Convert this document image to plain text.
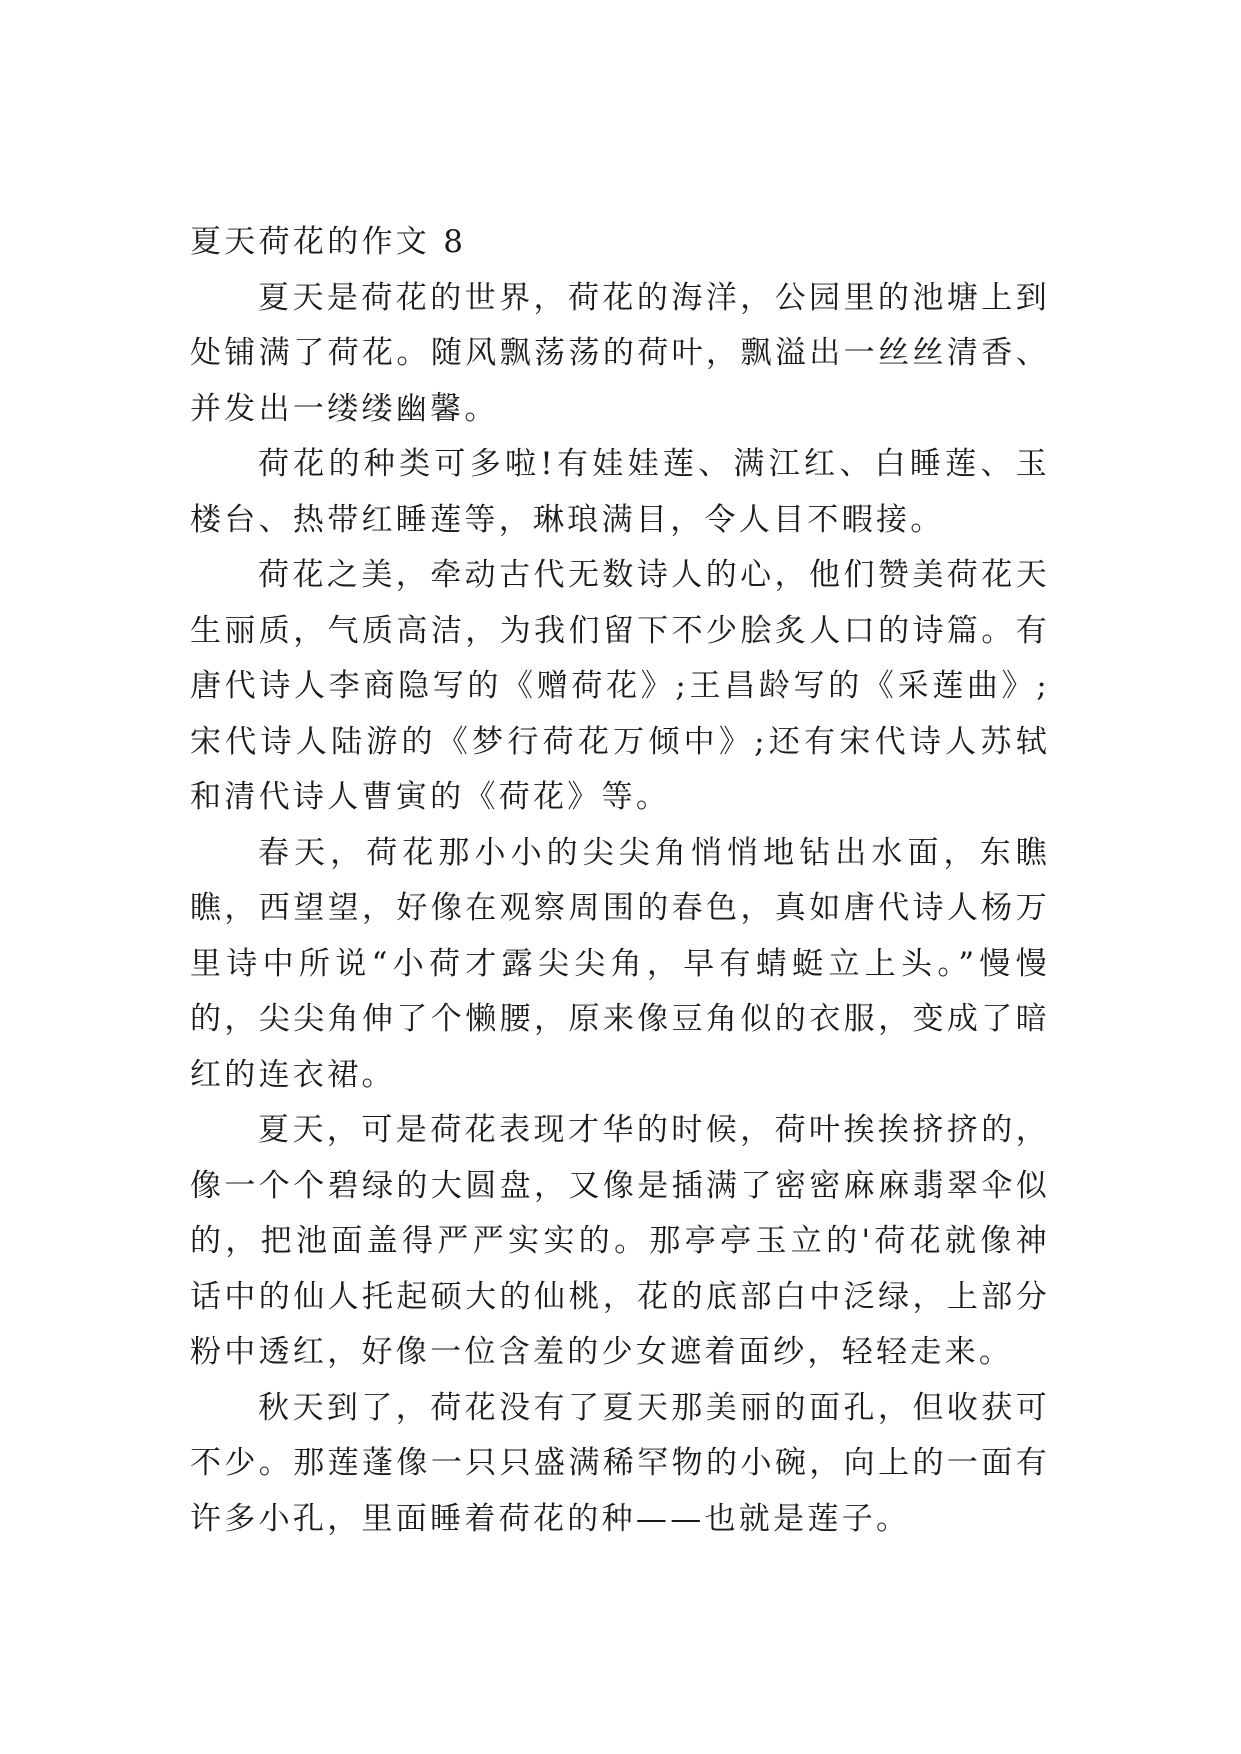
夏天荷花的作文 8

夏天是荷花的世界，荷花的海洋，公园里的池塘上到处铺满了荷花。随风飘荡荡的荷叶，飘溢出一丝丝清香、并发出一缕缕幽馨。

荷花的种类可多啦!有娃娃莲、满江红、白睡莲、玉楼台、热带红睡莲等，琳琅满目，令人目不暇接。

荷花之美，牵动古代无数诗人的心，他们赞美荷花天生丽质，气质高洁，为我们留下不少脍炙人口的诗篇。有唐代诗人李商隐写的《赠荷花》;王昌龄写的《采莲曲》;宋代诗人陆游的《梦行荷花万倾中》;还有宋代诗人苏轼和清代诗人曹寅的《荷花》等。

春天，荷花那小小的尖尖角悄悄地钻出水面，东瞧瞧，西望望，好像在观察周围的春色，真如唐代诗人杨万里诗中所说“小荷才露尖尖角，早有蜻蜓立上头。”慢慢的，尖尖角伸了个懒腰，原来像豆角似的衣服，变成了暗红的连衣裙。

夏天，可是荷花表现才华的时候，荷叶挨挨挤挤的，像一个个碧绿的大圆盘，又像是插满了密密麻麻翡翠伞似的，把池面盖得严严实实的。那亭亭玉立的'荷花就像神话中的仙人托起硕大的仙桃，花的底部白中泛绿，上部分粉中透红，好像一位含羞的少女遮着面纱，轻轻走来。

秋天到了，荷花没有了夏天那美丽的面孔，但收获可不少。那莲蓬像一只只盛满稀罕物的小碗，向上的一面有许多小孔，里面睡着荷花的种——也就是莲子。
